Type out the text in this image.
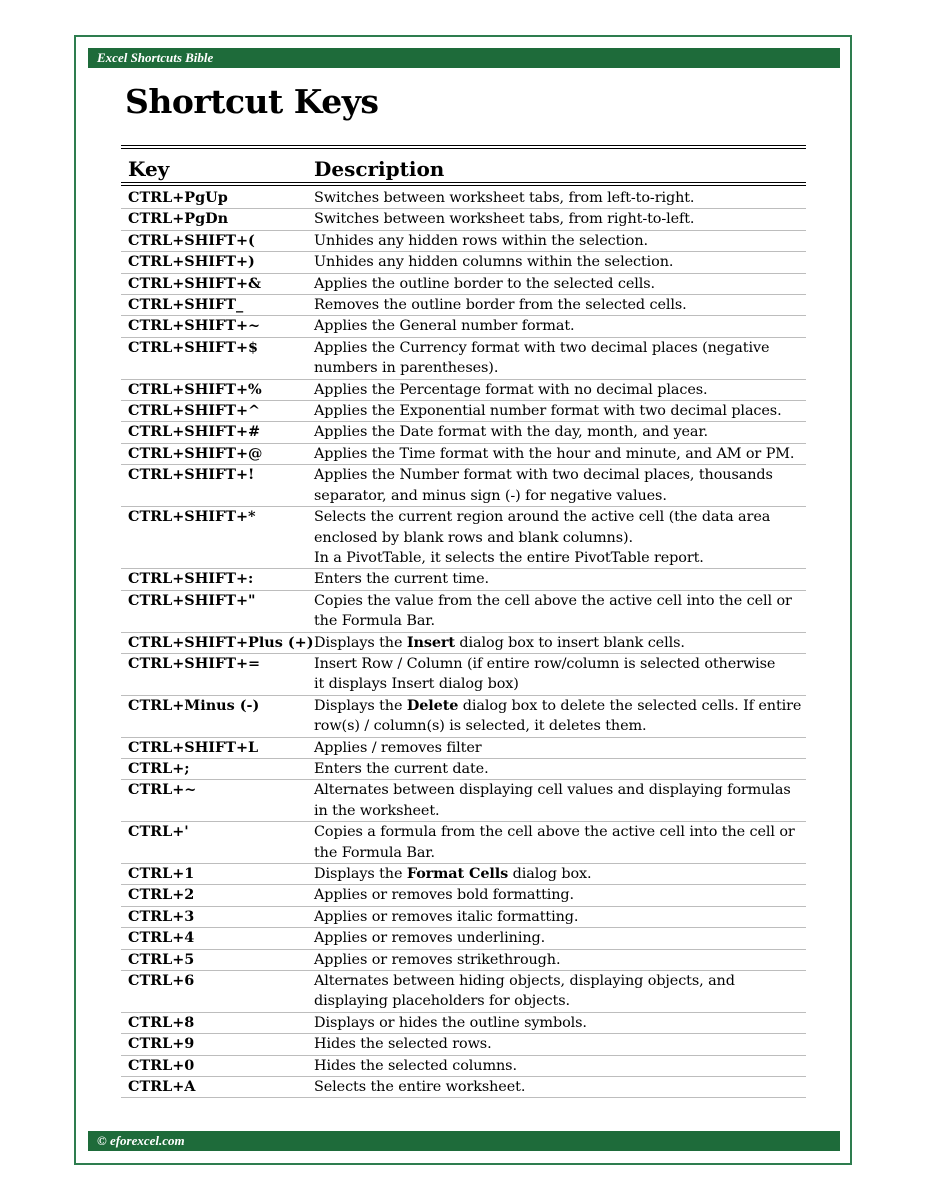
Excel Shortcuts Bible
Shortcut Keys
Key	Description
CTRL+PgUp	Switches between worksheet tabs, from left-to-right.

CTRL+PgDn	Switches between worksheet tabs, from right-to-left.

CTRL+SHIFT+(	Unhides any hidden rows within the selection.

CTRL+SHIFT+)	Unhides any hidden columns within the selection.

CTRL+SHIFT+&	Applies the outline border to the selected cells.

CTRL+SHIFT_	Removes the outline border from the selected cells.

CTRL+SHIFT+~	Applies the General number format.

CTRL+SHIFT+$	Applies the Currency format with two decimal places (negative
numbers in parentheses).

CTRL+SHIFT+%	Applies the Percentage format with no decimal places.

CTRL+SHIFT+^	Applies the Exponential number format with two decimal places.

CTRL+SHIFT+#	Applies the Date format with the day, month, and year.

CTRL+SHIFT+@	Applies the Time format with the hour and minute, and AM or PM.

CTRL+SHIFT+!	Applies the Number format with two decimal places, thousands
separator, and minus sign (-) for negative values.

CTRL+SHIFT+*	Selects the current region around the active cell (the data area
enclosed by blank rows and blank columns).
In a PivotTable, it selects the entire PivotTable report.

CTRL+SHIFT+:	Enters the current time.

CTRL+SHIFT+"	Copies the value from the cell above the active cell into the cell or
the Formula Bar.

CTRL+SHIFT+Plus (+)	Displays the Insert dialog box to insert blank cells.
CTRL+SHIFT+=	Insert Row / Column (if entire row/column is selected otherwise
it displays Insert dialog box)

CTRL+Minus (-)	Displays the Delete dialog box to delete the selected cells. If entire row(s) / column(s) is selected, it deletes them.
CTRL+SHIFT+L	Applies / removes filter

CTRL+;	Enters the current date.

CTRL+~	Alternates between displaying cell values and displaying formulas
in the worksheet.

CTRL+'	Copies a formula from the cell above the active cell into the cell or
the Formula Bar.

CTRL+1	Displays the Format Cells dialog box.
CTRL+2	Applies or removes bold formatting.

CTRL+3	Applies or removes italic formatting.

CTRL+4	Applies or removes underlining.

CTRL+5	Applies or removes strikethrough.

CTRL+6	Alternates between hiding objects, displaying objects, and
displaying placeholders for objects.

CTRL+8	Displays or hides the outline symbols.

CTRL+9	Hides the selected rows.

CTRL+0	Hides the selected columns.

CTRL+A	Selects the entire worksheet.
© eforexcel.com
